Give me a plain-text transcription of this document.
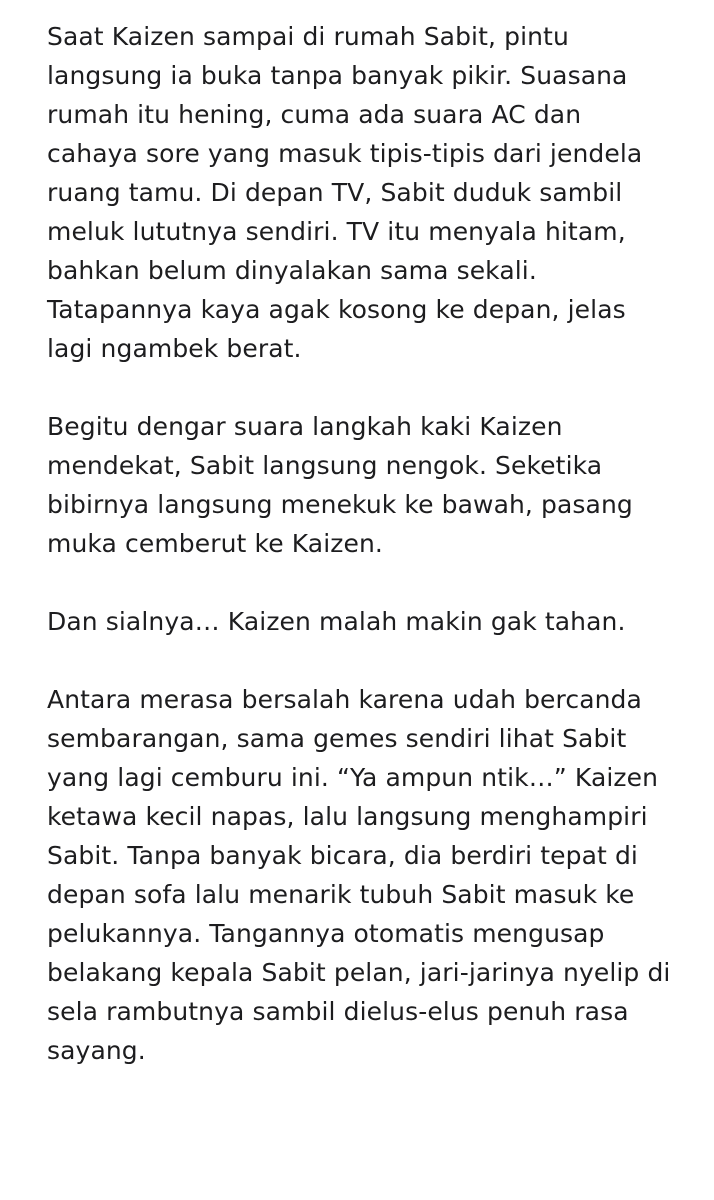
Saat Kaizen sampai di rumah Sabit, pintu
langsung ia buka tanpa banyak pikir. Suasana
rumah itu hening, cuma ada suara AC dan
cahaya sore yang masuk tipis-tipis dari jendela
ruang tamu. Di depan TV, Sabit duduk sambil
meluk lututnya sendiri. TV itu menyala hitam,
bahkan belum dinyalakan sama sekali.
Tatapannya kaya agak kosong ke depan, jelas
lagi ngambek berat.

Begitu dengar suara langkah kaki Kaizen
mendekat, Sabit langsung nengok. Seketika
bibirnya langsung menekuk ke bawah, pasang
muka cemberut ke Kaizen.

Dan sialnya… Kaizen malah makin gak tahan.

Antara merasa bersalah karena udah bercanda
sembarangan, sama gemes sendiri lihat Sabit
yang lagi cemburu ini. “Ya ampun ntik…” Kaizen
ketawa kecil napas, lalu langsung menghampiri
Sabit. Tanpa banyak bicara, dia berdiri tepat di
depan sofa lalu menarik tubuh Sabit masuk ke
pelukannya. Tangannya otomatis mengusap
belakang kepala Sabit pelan, jari-jarinya nyelip di
sela rambutnya sambil dielus-elus penuh rasa
sayang.
